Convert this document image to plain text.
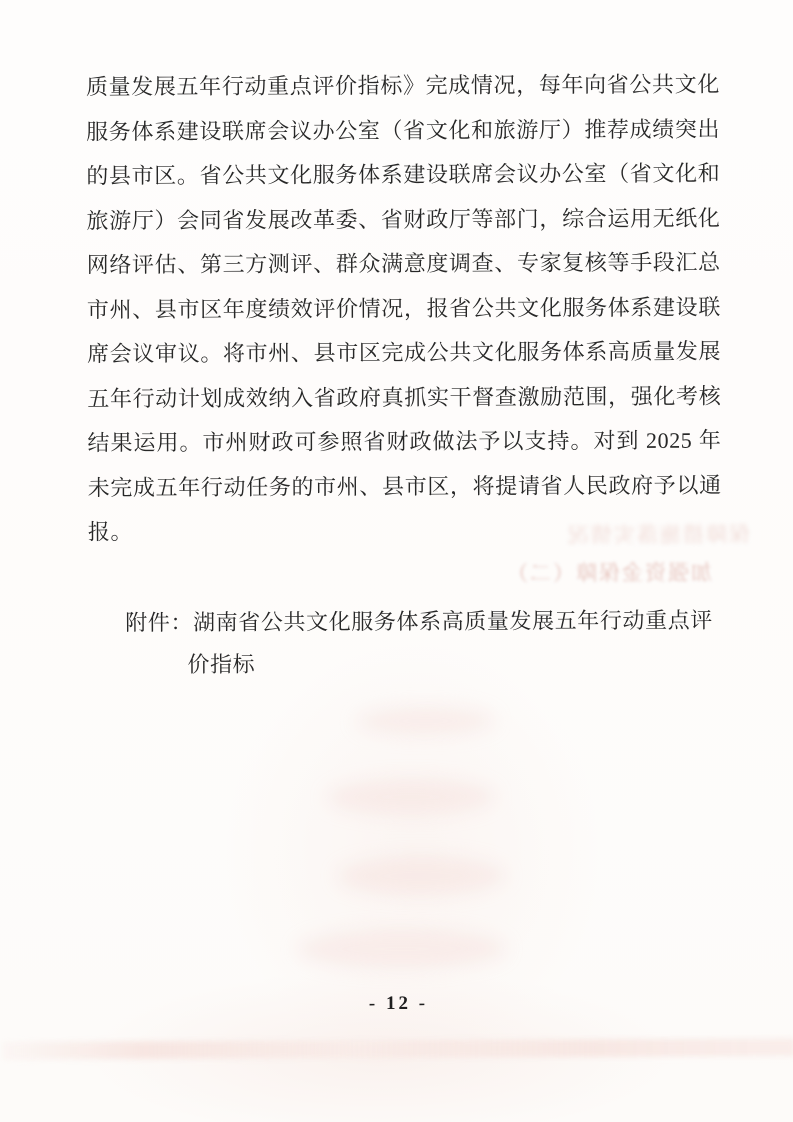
质量发展五年行动重点评价指标》完成情况，每年向省公共文化
服务体系建设联席会议办公室（省文化和旅游厅）推荐成绩突出
的县市区。省公共文化服务体系建设联席会议办公室（省文化和
旅游厅）会同省发展改革委、省财政厅等部门，综合运用无纸化
网络评估、第三方测评、群众满意度调查、专家复核等手段汇总
市州、县市区年度绩效评价情况，报省公共文化服务体系建设联
席会议审议。将市州、县市区完成公共文化服务体系高质量发展
五年行动计划成效纳入省政府真抓实干督查激励范围，强化考核
结果运用。市州财政可参照省财政做法予以支持。对到 2025 年
未完成五年行动任务的市州、县市区，将提请省人民政府予以通
报。	保障措施落实情况
加强资金保障（二）
附件：湖南省公共文化服务体系高质量发展五年行动重点评
价指标
- 12 -
